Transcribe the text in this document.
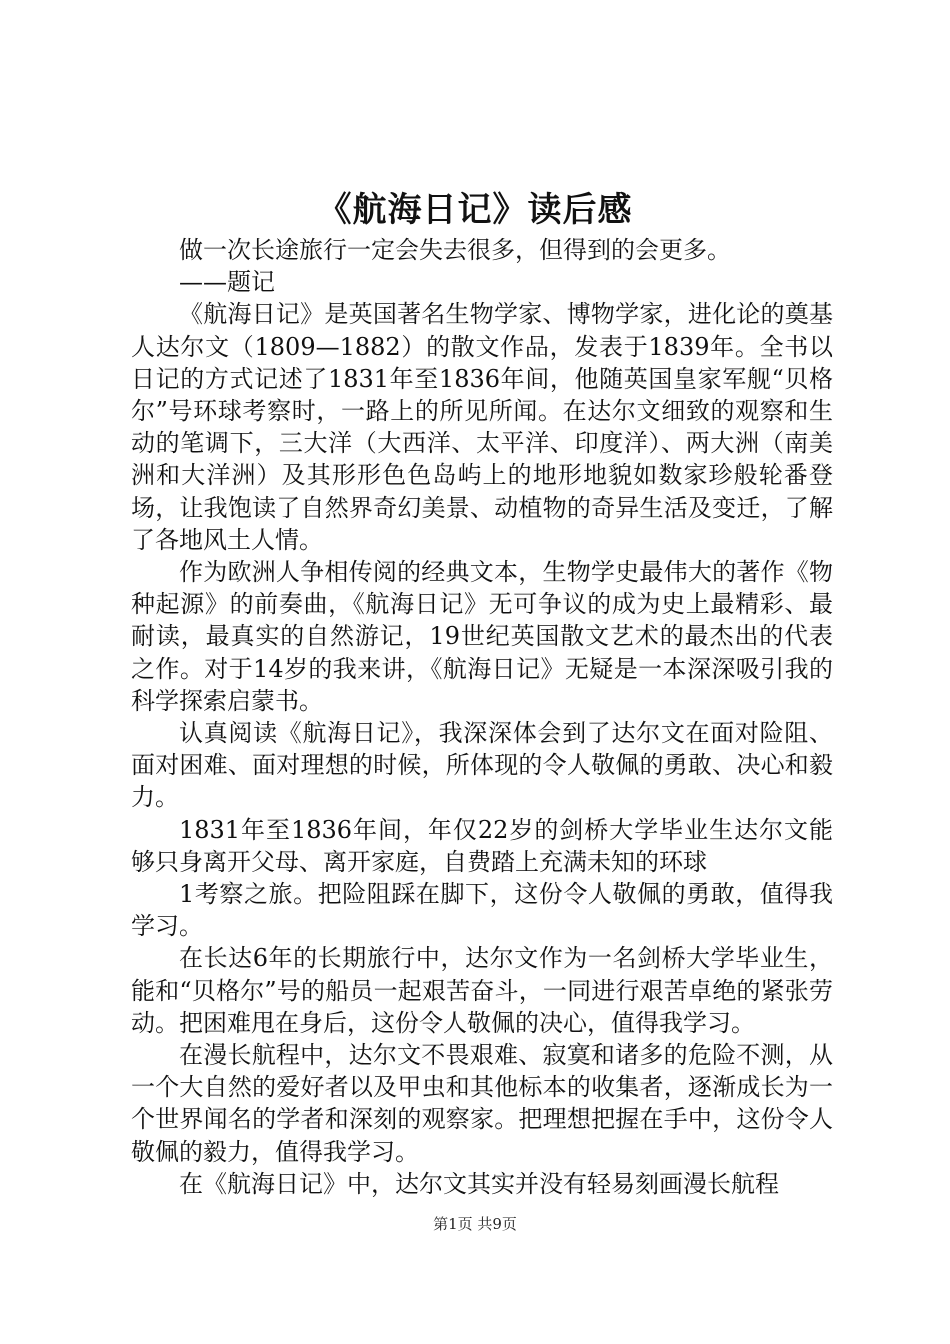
《航海日记》读后感

做一次长途旅行一定会失去很多，但得到的会更多。

——题记

《航海日记》是英国著名生物学家、博物学家，进化论的奠基人达尔文（1809—1882）的散文作品，发表于1839年。全书以日记的方式记述了1831年至1836年间，他随英国皇家军舰“贝格尔”号环球考察时，一路上的所见所闻。在达尔文细致的观察和生动的笔调下，三大洋（大西洋、太平洋、印度洋）、两大洲（南美洲和大洋洲）及其形形色色岛屿上的地形地貌如数家珍般轮番登场，让我饱读了自然界奇幻美景、动植物的奇异生活及变迁，了解了各地风土人情。

作为欧洲人争相传阅的经典文本，生物学史最伟大的著作《物种起源》的前奏曲，《航海日记》无可争议的成为史上最精彩、最耐读，最真实的自然游记，19世纪英国散文艺术的最杰出的代表之作。对于14岁的我来讲，《航海日记》无疑是一本深深吸引我的科学探索启蒙书。

认真阅读《航海日记》，我深深体会到了达尔文在面对险阻、面对困难、面对理想的时候，所体现的令人敬佩的勇敢、决心和毅力。

1831年至1836年间，年仅22岁的剑桥大学毕业生达尔文能够只身离开父母、离开家庭，自费踏上充满未知的环球

1考察之旅。把险阻踩在脚下，这份令人敬佩的勇敢，值得我学习。

在长达6年的长期旅行中，达尔文作为一名剑桥大学毕业生，能和“贝格尔”号的船员一起艰苦奋斗，一同进行艰苦卓绝的紧张劳动。把困难甩在身后，这份令人敬佩的决心，值得我学习。

在漫长航程中，达尔文不畏艰难、寂寞和诸多的危险不测，从一个大自然的爱好者以及甲虫和其他标本的收集者，逐渐成长为一个世界闻名的学者和深刻的观察家。把理想把握在手中，这份令人敬佩的毅力，值得我学习。

在《航海日记》中，达尔文其实并没有轻易刻画漫长航程

第1页 共9页
